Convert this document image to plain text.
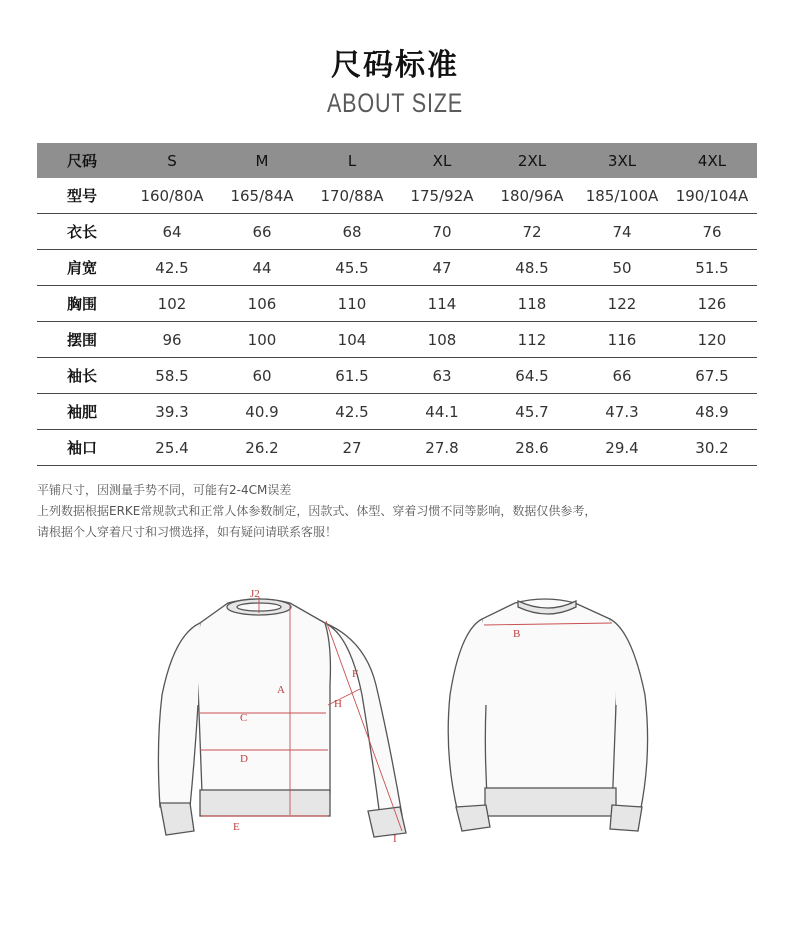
尺码标准
ABOUT SIZE
尺码	S	M	L	XL	2XL	3XL	4XL
型号	160/80A	165/84A	170/88A	175/92A	180/96A	185/100A	190/104A
衣长	64	66	68	70	72	74	76
肩宽	42.5	44	45.5	47	48.5	50	51.5
胸围	102	106	110	114	118	122	126
摆围	96	100	104	108	112	116	120
袖长	58.5	60	61.5	63	64.5	66	67.5
袖肥	39.3	40.9	42.5	44.1	45.7	47.3	48.9
袖口	25.4	26.2	27	27.8	28.6	29.4	30.2
平铺尺寸，因测量手势不同，可能有2-4CM误差
上列数据根据ERKE常规款式和正常人体参数制定，因款式、体型、穿着习惯不同等影响，数据仅供参考，
请根据个人穿着尺寸和习惯选择，如有疑问请联系客服！
A
B
C
D
E
F
H
I
J2
